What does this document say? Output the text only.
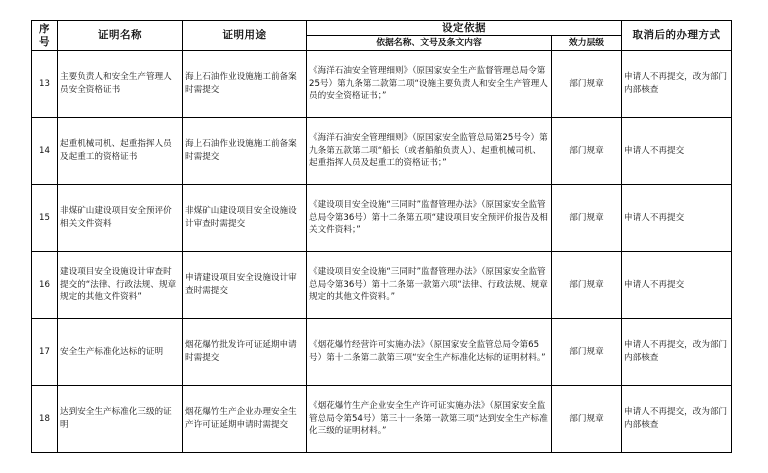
序号	证明名称	证明用途	设定依据		取消后的办理方式
			依据名称、文号及条文内容	效力层级	
13	主要负责人和安全生产管理人员安全资格证书	海上石油作业设施施工前备案时需提交	《海洋石油安全管理细则》（原国家安全生产监督管理总局令第25号）第九条第二款第二项“设施主要负责人和安全生产管理人员的安全资格证书；”	部门规章	申请人不再提交，改为部门内部核查
14	起重机械司机、起重指挥人员及起重工的资格证书	海上石油作业设施施工前备案时需提交	《海洋石油安全管理细则》（原国家安全监管总局第25号令）第九条第五款第二项“船长（或者船舶负责人）、起重机械司机、起重指挥人员及起重工的资格证书；”	部门规章	申请人不再提交
15	非煤矿山建设项目安全预评价相关文件资料	非煤矿山建设项目安全设施设计审查时需提交	《建设项目安全设施“三同时”监督管理办法》（原国家安全监管总局令第36号）第十二条第五项“建设项目安全预评价报告及相关文件资料；”	部门规章	申请人不再提交
16	建设项目安全设施设计审查时提交的“法律、行政法规、规章规定的其他文件资料”	申请建设项目安全设施设计审查时需提交	《建设项目安全设施“三同时”监督管理办法》（原国家安全监管总局令第36号）第十二条第一款第六项“法律、行政法规、规章规定的其他文件资料。”	部门规章	申请人不再提交
17	安全生产标准化达标的证明	烟花爆竹批发许可证延期申请时需提交	《烟花爆竹经营许可实施办法》（原国家安全监管总局令第65号）第十二条第二款第三项“安全生产标准化达标的证明材料。”	部门规章	申请人不再提交，改为部门内部核查
18	达到安全生产标准化三级的证明	烟花爆竹生产企业办理安全生产许可证延期申请时需提交	《烟花爆竹生产企业安全生产许可证实施办法》（原国家安全监管总局令第54号）第三十一条第一款第三项“达到安全生产标准化三级的证明材料。”	部门规章	申请人不再提交，改为部门内部核查
